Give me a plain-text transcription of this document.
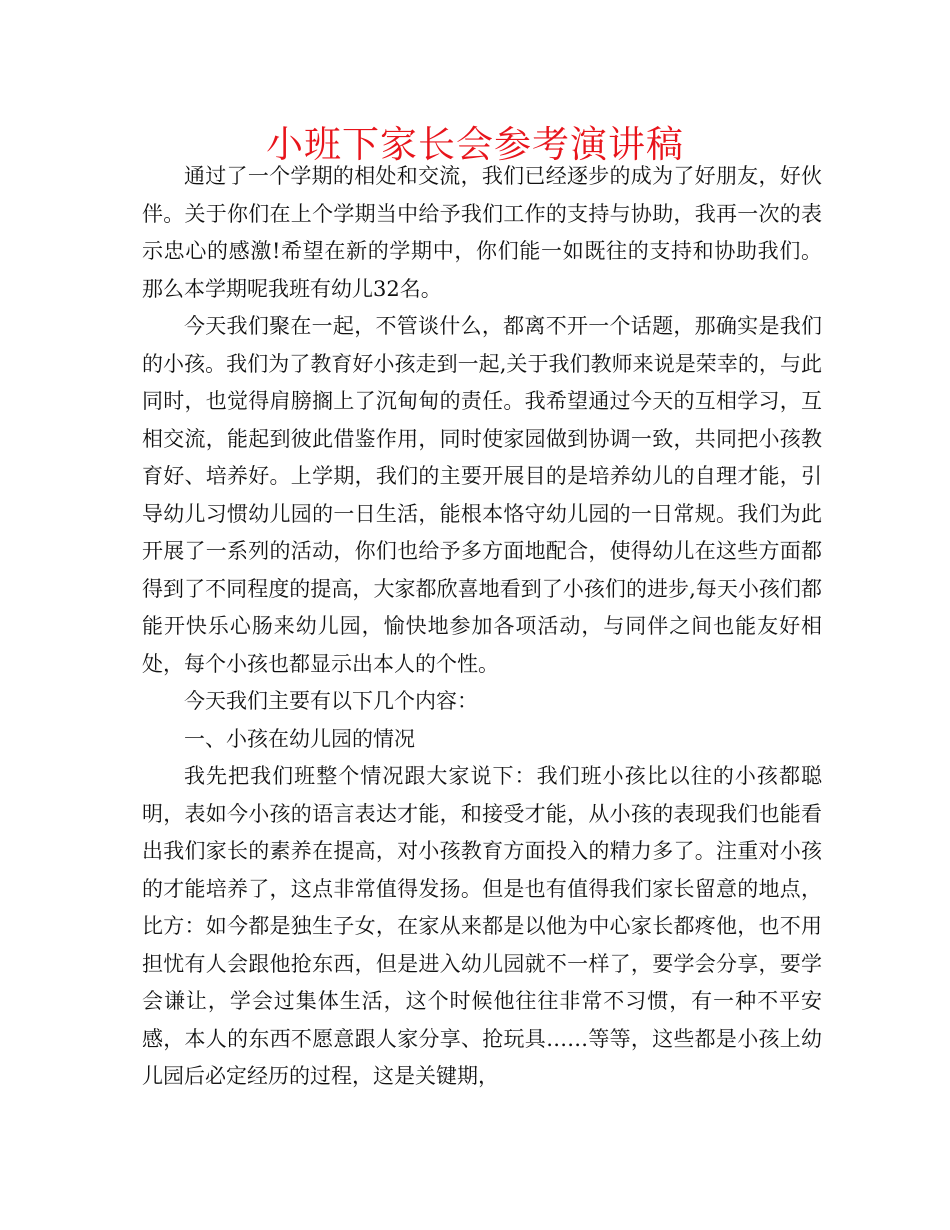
小班下家长会参考演讲稿

通过了一个学期的相处和交流，我们已经逐步的成为了好朋友，好伙伴。关于你们在上个学期当中给予我们工作的支持与协助，我再一次的表示忠心的感激!希望在新的学期中，你们能一如既往的支持和协助我们。那么本学期呢我班有幼儿32名。

今天我们聚在一起，不管谈什么，都离不开一个话题，那确实是我们的小孩。我们为了教育好小孩走到一起,关于我们教师来说是荣幸的，与此同时，也觉得肩膀搁上了沉甸甸的责任。我希望通过今天的互相学习，互相交流，能起到彼此借鉴作用，同时使家园做到协调一致，共同把小孩教育好、培养好。上学期，我们的主要开展目的是培养幼儿的自理才能，引导幼儿习惯幼儿园的一日生活，能根本恪守幼儿园的一日常规。我们为此开展了一系列的活动，你们也给予多方面地配合，使得幼儿在这些方面都得到了不同程度的提高，大家都欣喜地看到了小孩们的进步,每天小孩们都能开快乐心肠来幼儿园，愉快地参加各项活动，与同伴之间也能友好相处，每个小孩也都显示出本人的个性。

今天我们主要有以下几个内容：

一、小孩在幼儿园的情况

我先把我们班整个情况跟大家说下：我们班小孩比以往的小孩都聪明，表如今小孩的语言表达才能，和接受才能，从小孩的表现我们也能看出我们家长的素养在提高，对小孩教育方面投入的精力多了。注重对小孩的才能培养了，这点非常值得发扬。但是也有值得我们家长留意的地点，比方：如今都是独生子女，在家从来都是以他为中心家长都疼他，也不用担忧有人会跟他抢东西，但是进入幼儿园就不一样了，要学会分享，要学会谦让，学会过集体生活，这个时候他往往非常不习惯，有一种不平安感，本人的东西不愿意跟人家分享、抢玩具……等等，这些都是小孩上幼儿园后必定经历的过程，这是关键期，
